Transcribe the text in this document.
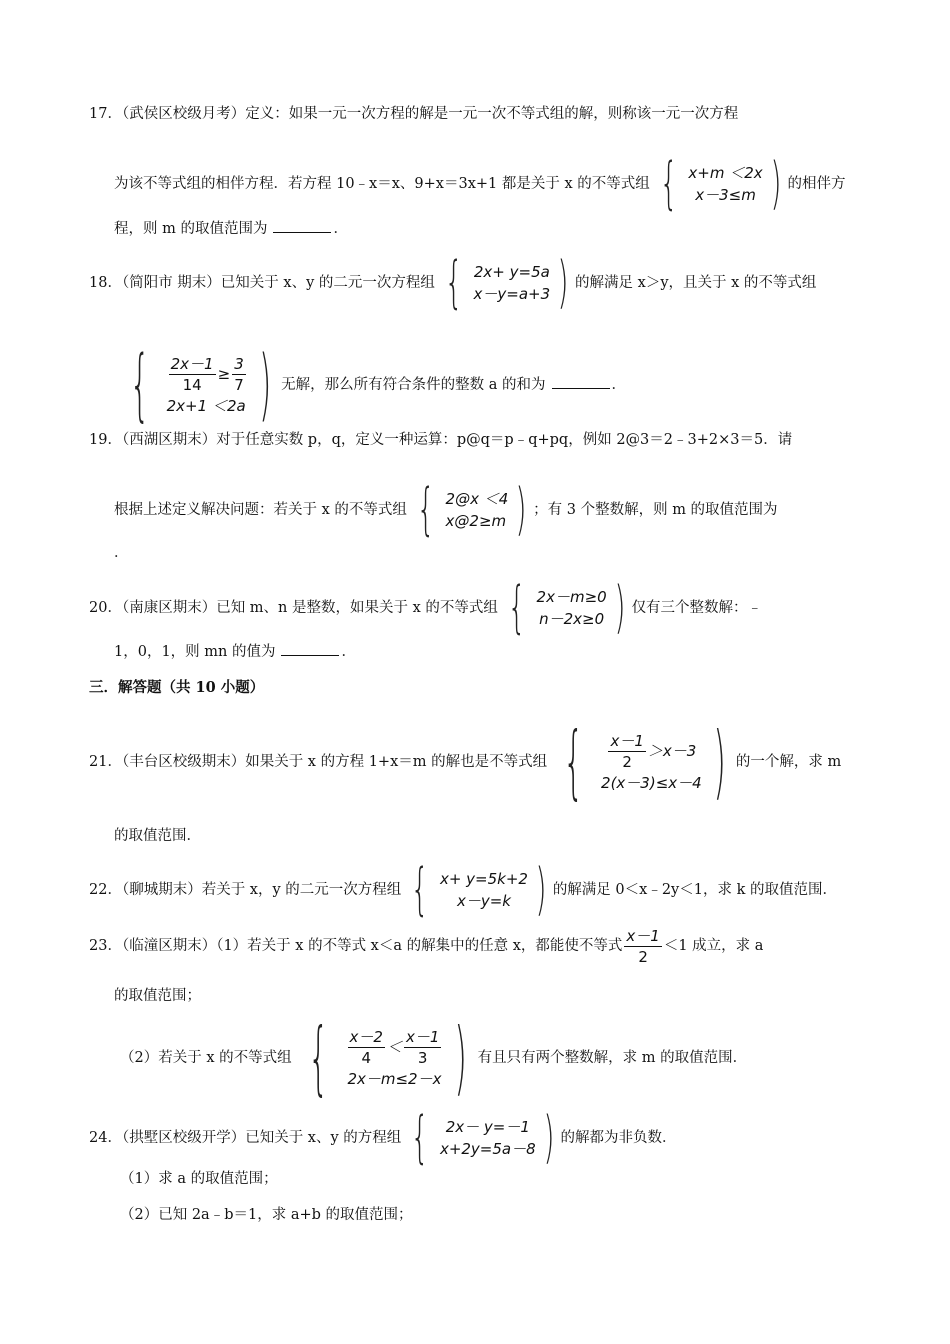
17．（武侯区校级月考）定义：如果一元一次方程的解是一元一次不等式组的解，则称该一元一次方程
为该不等式组的相伴方程．若方程 10﹣x＝x、9+x＝3x+1 都是关于 x 的不等式组 { x+m ＜2x
x－3≤m ) 的相伴方
程，则 m 的取值范围为	．
18．（简阳市 期末）已知关于 x、y 的二元一次方程组 { 2x+ y=5a
x－y=a+3 ) 的解满足 x＞y，且关于 x 的不等式组
{ $\frac{2x-1}{14} \ge \frac{3}{7}$
2x+1 ＜2a ) 无解，那么所有符合条件的整数 a 的和为	．
19．（西湖区期末）对于任意实数 p，q，定义一种运算：p@q＝p﹣q+pq，例如 2@3＝2﹣3+2×3＝5．请
根据上述定义解决问题：若关于 x 的不等式组 { 2@x ＜4
x@2≥m ) ；有 3 个整数解，则 m 的取值范围为
．
20．（南康区期末）已知 m、n 是整数，如果关于 x 的不等式组 { 2x－m≥0
n－2x≥0 ) 仅有三个整数解：﹣
1，0，1，则 mn 的值为	．
三．解答题（共 10 小题）
21．（丰台区校级期末）如果关于 x 的方程 1+x＝m 的解也是不等式组 { $\frac{x-1}{2} >x-3$
2(x－3)≤x－4 ) 的一个解，求 m
的取值范围．
22．（聊城期末）若关于 x，y 的二元一次方程组 { x+ y=5k+2
x－y=k ) 的解满足 0＜x﹣2y＜1，求 k 的取值范围．
23．（临潼区期末）（1）若关于 x 的不等式 x＜a 的解集中的任意 x，都能使不等式 $\frac{x-1}{2} <1$ 成立，求 a
的取值范围；
（2）若关于 x 的不等式组 { $\frac{x-2}{4} < \frac{x-1}{3}$
2x－m≤2－x ) 有且只有两个整数解，求 m 的取值范围．
24．（拱墅区校级开学）已知关于 x、y 的方程组 {	2x－ y=－1
x+2y=5a－8 ) 的解都为非负数．
（1）求 a 的取值范围；
（2）已知 2a﹣b＝1，求 a+b 的取值范围；
